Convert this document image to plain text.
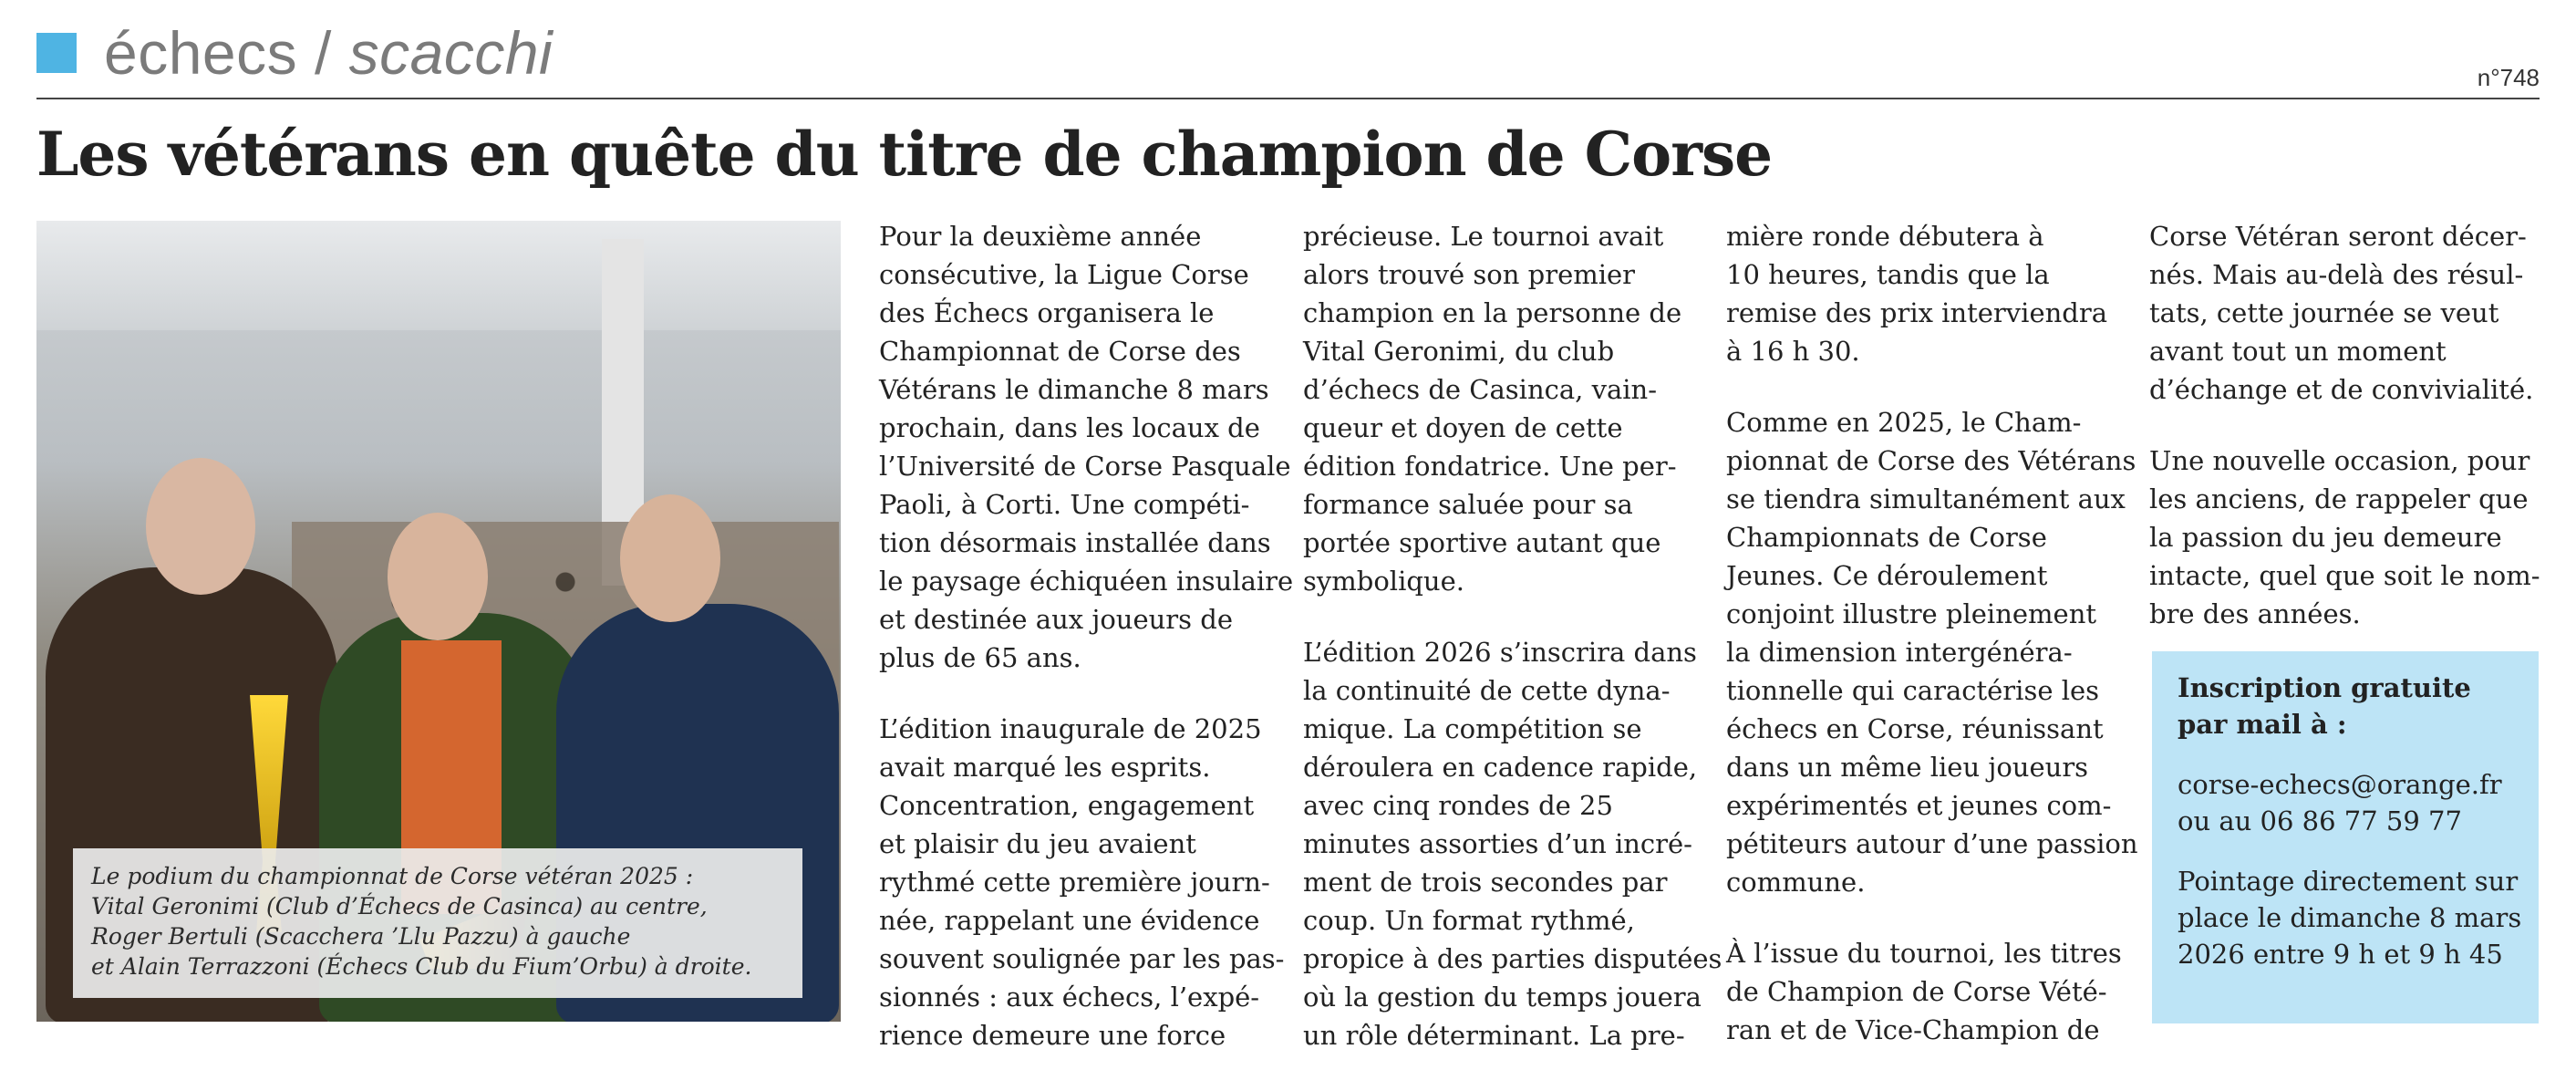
échecs / scacchi	n°748
Les vétérans en quête du titre de champion de Corse
Le podium du championnat de Corse vétéran 2025 :
Vital Geronimi (Club d’Échecs de Casinca) au centre,
Roger Bertuli (Scacchera ’Llu Pazzu) à gauche
et Alain Terrazzoni (Échecs Club du Fium’Orbu) à droite.
Pour la deuxième année
consécutive, la Ligue Corse
des Échecs organisera le
Championnat de Corse des
Vétérans le dimanche 8 mars
prochain, dans les locaux de
l’Université de Corse Pasquale
Paoli, à Corti. Une compéti-
tion désormais installée dans
le paysage échiquéen insulaire
et destinée aux joueurs de
plus de 65 ans.
L’édition inaugurale de 2025
avait marqué les esprits.
Concentration, engagement
et plaisir du jeu avaient
rythmé cette première journ-
née, rappelant une évidence
souvent soulignée par les pas-
sionnés : aux échecs, l’expé-
rience demeure une force
précieuse. Le tournoi avait
alors trouvé son premier
champion en la personne de
Vital Geronimi, du club
d’échecs de Casinca, vain-
queur et doyen de cette
édition fondatrice. Une per-
formance saluée pour sa
portée sportive autant que
symbolique.
L’édition 2026 s’inscrira dans
la continuité de cette dyna-
mique. La compétition se
déroulera en cadence rapide,
avec cinq rondes de 25
minutes assorties d’un incré-
ment de trois secondes par
coup. Un format rythmé,
propice à des parties disputées
où la gestion du temps jouera
un rôle déterminant. La pre-
mière ronde débutera à
10 heures, tandis que la
remise des prix interviendra
à 16 h 30.
Comme en 2025, le Cham-
pionnat de Corse des Vétérans
se tiendra simultanément aux
Championnats de Corse
Jeunes. Ce déroulement
conjoint illustre pleinement
la dimension intergénéra-
tionnelle qui caractérise les
échecs en Corse, réunissant
dans un même lieu joueurs
expérimentés et jeunes com-
pétiteurs autour d’une passion
commune.
À l’issue du tournoi, les titres
de Champion de Corse Vété-
ran et de Vice-Champion de
Corse Vétéran seront décer-
nés. Mais au-delà des résul-
tats, cette journée se veut
avant tout un moment
d’échange et de convivialité.
Une nouvelle occasion, pour
les anciens, de rappeler que
la passion du jeu demeure
intacte, quel que soit le nom-
bre des années.
Inscription gratuite
par mail à :
corse-echecs@orange.fr
ou au 06 86 77 59 77
Pointage directement sur
place le dimanche 8 mars
2026 entre 9 h et 9 h 45
